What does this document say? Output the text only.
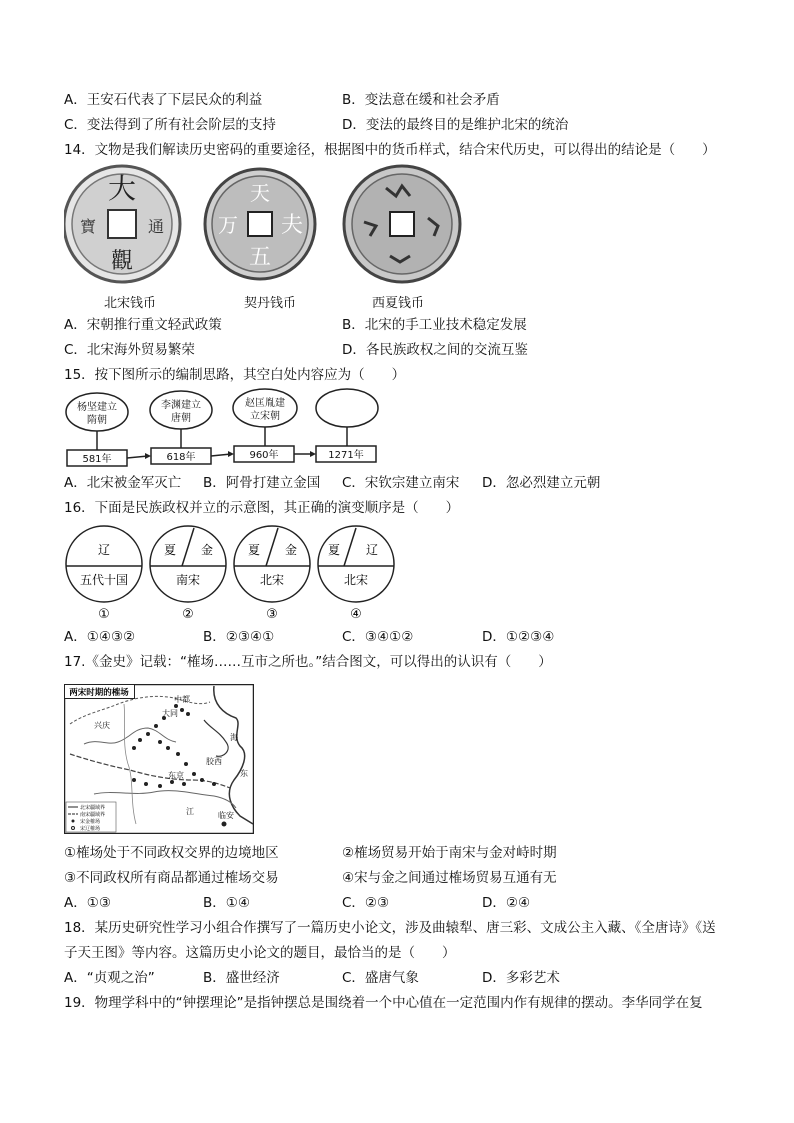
A．王安石代表了下层民众的利益	B．变法意在缓和社会矛盾
C．变法得到了所有社会阶层的支持	D．变法的最终目的是维护北宋的统治
14．文物是我们解读历史密码的重要途径，根据图中的货币样式，结合宋代历史，可以得出的结论是（　　）
大
通
觀
寶
天
夫
五
万
北宋钱币	契丹钱币	西夏钱币
A．宋朝推行重文轻武政策	B．北宋的手工业技术稳定发展
C．北宋海外贸易繁荣	D．各民族政权之间的交流互鉴
15．按下图所示的编制思路，其空白处内容应为（　　）
杨坚建立
隋朝
李渊建立
唐朝
赵匡胤建
立宋朝
581年	618年	960年	1271年
A．北宋被金军灭亡 B．阿骨打建立金国 C．宋钦宗建立南宋 D．忽必烈建立元朝
16．下面是民族政权并立的示意图，其正确的演变顺序是（　　）
辽
五代十国
①
夏 金
南宋
②
夏 金
北宋
③
夏 辽
北宋
④
A．①④③②	B．②③④①	C．③④①②	D．①②③④
17.《金史》记载：“榷场……互市之所也。”结合图文，可以得出的认识有（　　）
两宋时期的榷场
中都
兴庆
大同
胶西
东京
临安
海
东
江
北宋疆域界
南宋疆域界
宋金榷场
宋辽榷场
①榷场处于不同政权交界的边境地区	②榷场贸易开始于南宋与金对峙时期
③不同政权所有商品都通过榷场交易	④宋与金之间通过榷场贸易互通有无
A．①③	B．①④	C．②③	D．②④
18．某历史研究性学习小组合作撰写了一篇历史小论文，涉及曲辕犁、唐三彩、文成公主入藏、《全唐诗》《送
子天王图》等内容。这篇历史小论文的题目，最恰当的是（　　）
A．“贞观之治”	B．盛世经济	C．盛唐气象	D．多彩艺术
19．物理学科中的“钟摆理论”是指钟摆总是围绕着一个中心值在一定范围内作有规律的摆动。李华同学在复
